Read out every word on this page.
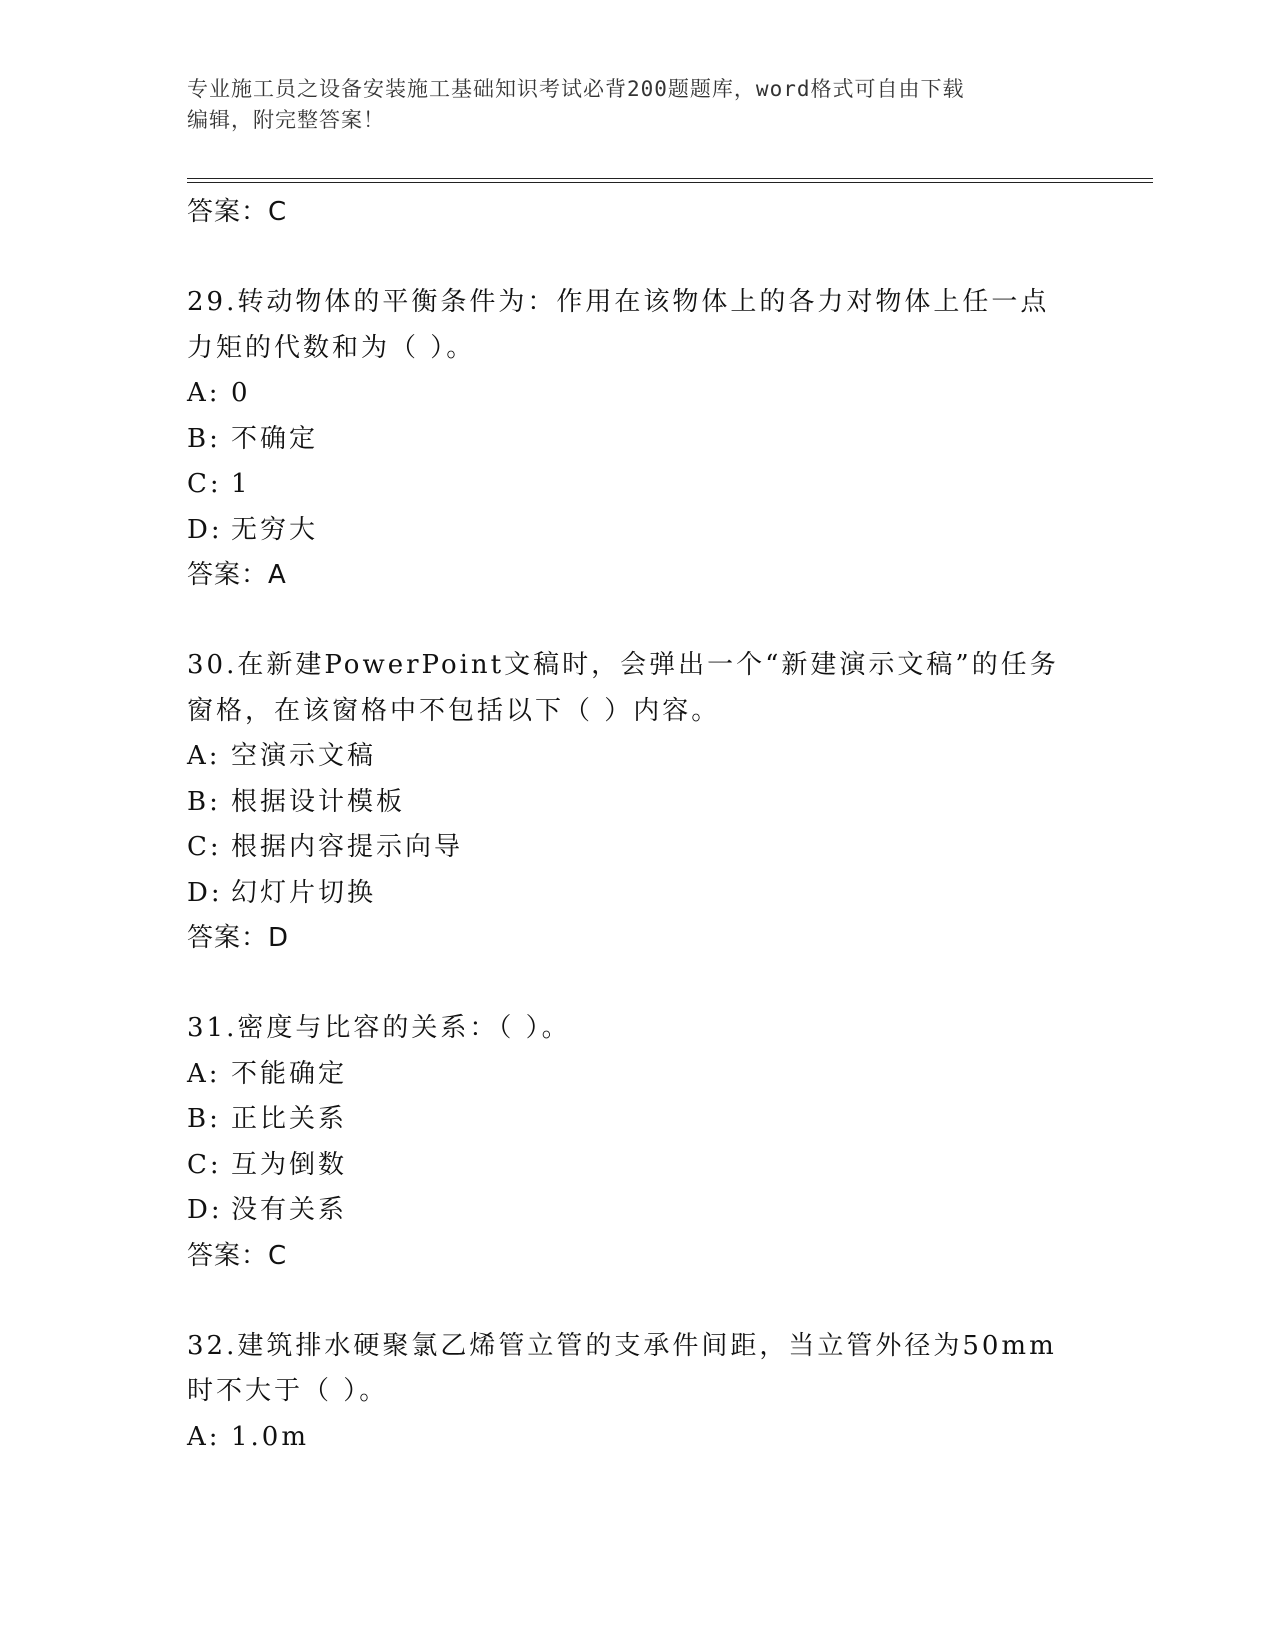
专业施工员之设备安装施工基础知识考试必背200题题库，word格式可自由下载
编辑，附完整答案！
答案：C
29.转动物体的平衡条件为：作用在该物体上的各力对物体上任一点力矩的代数和为（ ）。
A: 0
B: 不确定
C: 1
D: 无穷大
答案：A
30.在新建PowerPoint文稿时，会弹出一个“新建演示文稿”的任务窗格，在该窗格中不包括以下（ ）内容。
A: 空演示文稿
B: 根据设计模板
C: 根据内容提示向导
D: 幻灯片切换
答案：D
31.密度与比容的关系：（ ）。
A: 不能确定
B: 正比关系
C: 互为倒数
D: 没有关系
答案：C
32.建筑排水硬聚氯乙烯管立管的支承件间距，当立管外径为50mm时不大于（ ）。
A: 1.0m
